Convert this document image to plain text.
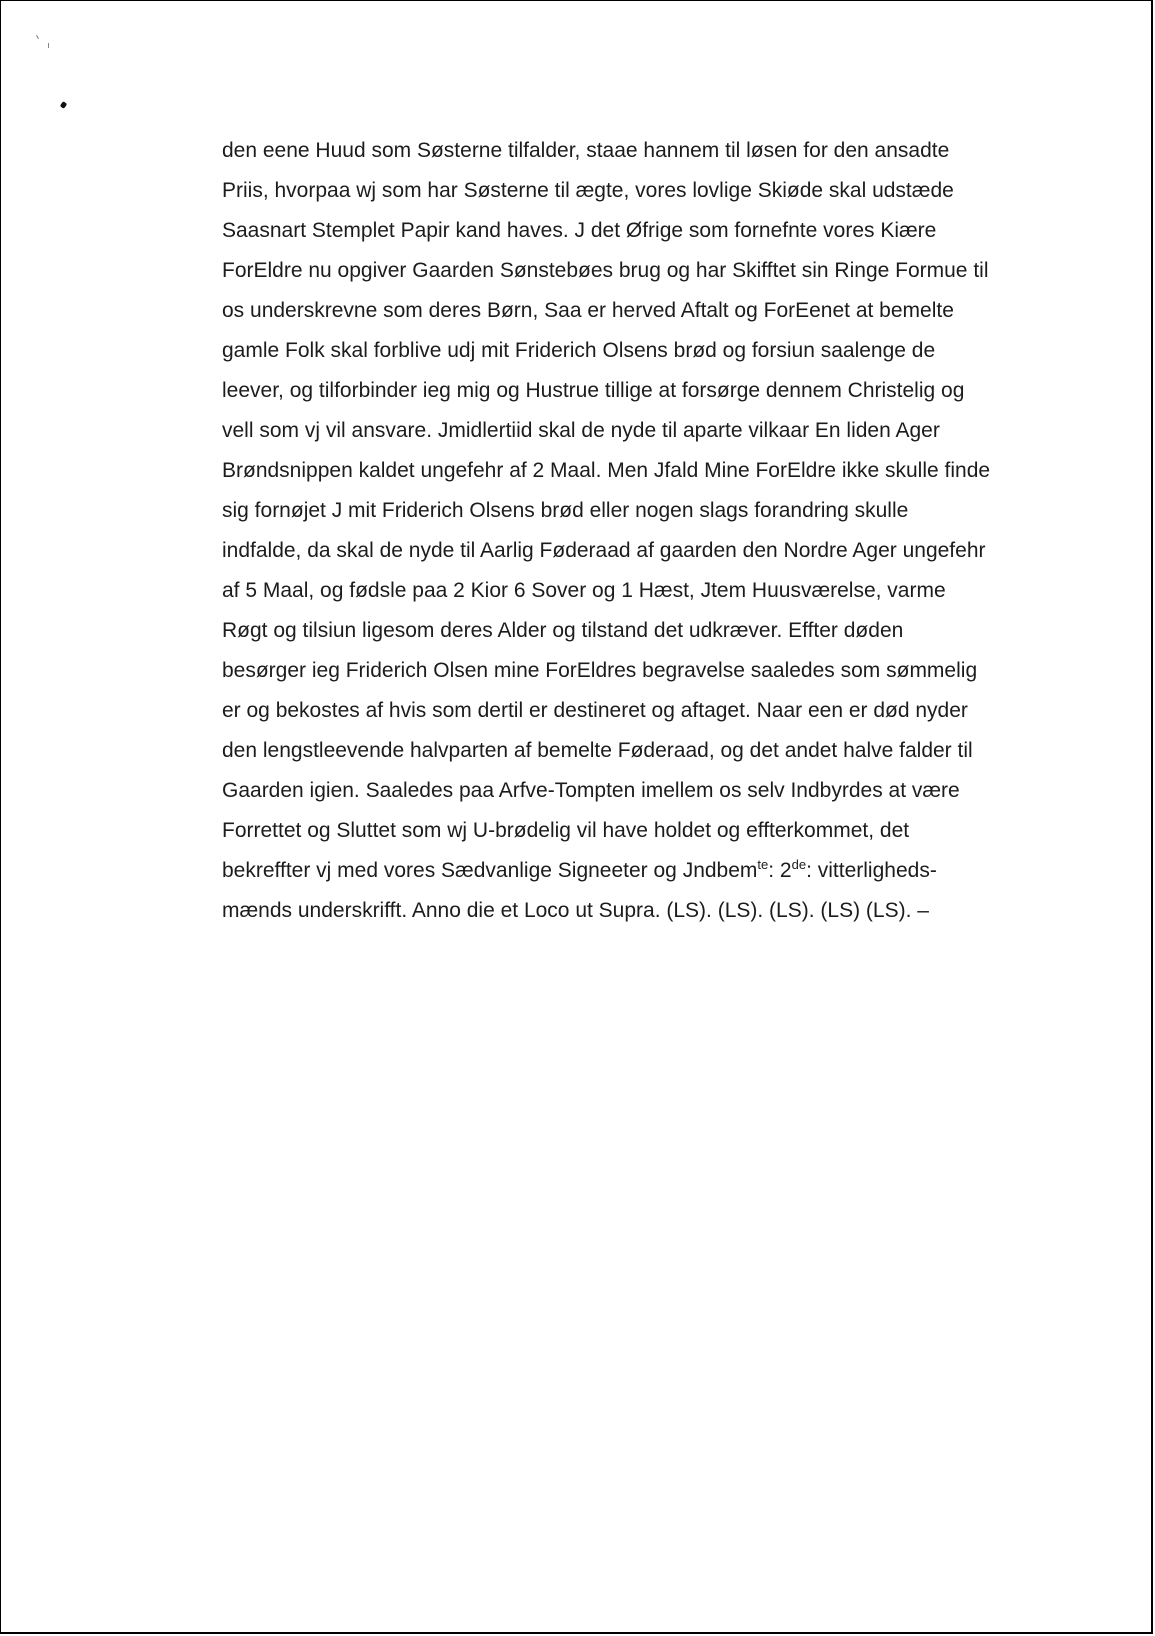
den eene Huud som Søsterne tilfalder, staae hannem til løsen for den ansadte
Priis, hvorpaa wj som har Søsterne til ægte, vores lovlige Skiøde skal udstæde
Saasnart Stemplet Papir kand haves. J det Øfrige som fornefnte vores Kiære
ForEldre nu opgiver Gaarden Sønstebøes brug og har Skifftet sin Ringe Formue til
os underskrevne som deres Børn, Saa er herved Aftalt og ForEenet at bemelte
gamle Folk skal forblive udj mit Friderich Olsens brød og forsiun saalenge de
leever, og tilforbinder ieg mig og Hustrue tillige at forsørge dennem Christelig og
vell som vj vil ansvare. Jmidlertiid skal de nyde til aparte vilkaar En liden Ager
Brøndsnippen kaldet ungefehr af 2 Maal. Men Jfald Mine ForEldre ikke skulle finde
sig fornøjet J mit Friderich Olsens brød eller nogen slags forandring skulle
indfalde, da skal de nyde til Aarlig Føderaad af gaarden den Nordre Ager ungefehr
af 5 Maal, og fødsle paa 2 Kior 6 Sover og 1 Hæst, Jtem Huusværelse, varme
Røgt og tilsiun ligesom deres Alder og tilstand det udkræver. Effter døden
besørger ieg Friderich Olsen mine ForEldres begravelse saaledes som sømmelig
er og bekostes af hvis som dertil er destineret og aftaget. Naar een er død nyder
den lengstleevende halvparten af bemelte Føderaad, og det andet halve falder til
Gaarden igien. Saaledes paa Arfve-Tompten imellem os selv Indbyrdes at være
Forrettet og Sluttet som wj U-brødelig vil have holdet og effterkommet, det
bekreffter vj med vores Sædvanlige Signeeter og Jndbem$^{te}$: 2de: vitterligheds-
mænds underskrifft. Anno die et Loco ut Supra. (LS). (LS). (LS). (LS) (LS). –
